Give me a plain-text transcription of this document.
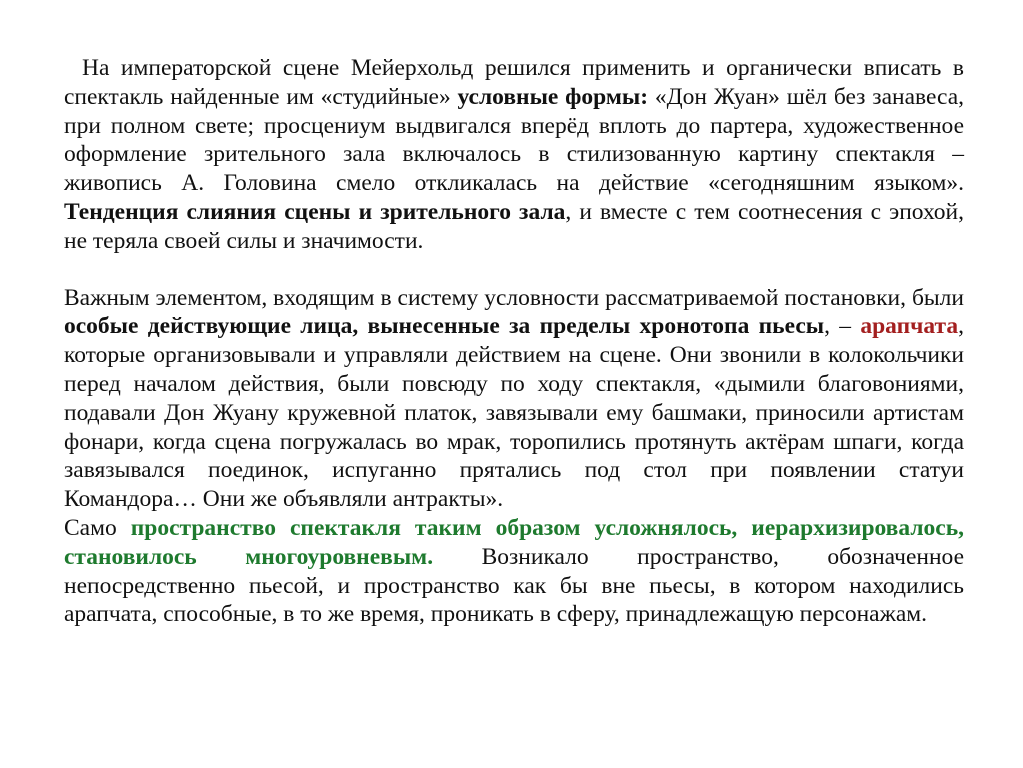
На императорской сцене Мейерхольд решился применить и органически вписать в спектакль найденные им «студийные» условные формы: «Дон Жуан» шёл без занавеса, при полном свете; просцениум выдвигался вперёд вплоть до партера, художественное оформление зрительного зала включалось в стилизованную картину спектакля – живопись А. Головина смело откликалась на действие «сегодняшним языком». Тенденция слияния сцены и зрительного зала, и вместе с тем соотнесения с эпохой, не теряла своей силы и значимости.

Важным элементом, входящим в систему условности рассматриваемой постановки, были особые действующие лица, вынесенные за пределы хронотопа пьесы, – арапчата, которые организовывали и управляли действием на сцене. Они звонили в колокольчики перед началом действия, были повсюду по ходу спектакля, «дымили благовониями, подавали Дон Жуану кружевной платок, завязывали ему башмаки, приносили артистам фонари, когда сцена погружалась во мрак, торопились протянуть актёрам шпаги, когда завязывался поединок, испуганно прятались под стол при появлении статуи Командора… Они же объявляли антракты».

Само пространство спектакля таким образом усложнялось, иерархизировалось, становилось многоуровневым. Возникало пространство, обозначенное непосредственно пьесой, и пространство как бы вне пьесы, в котором находились арапчата, способные, в то же время, проникать в сферу, принадлежащую персонажам.
